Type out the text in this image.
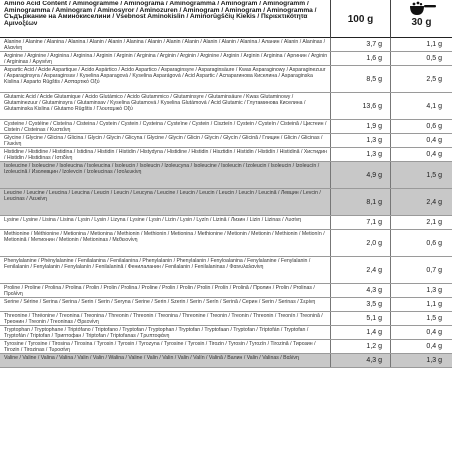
Amino Acid Content / Aminogramme / Aminograma / Aminogramma / Aminogram / Aminogramm / Aminogramma / Aminogram / Aminosyror / Aminozuren / Aminogram / Aminogram / Aminogramma / Съдържание на Аминокиселини / Vsebnost Aminokislin / Aminorūgščių Kiekis / Περιεκτικότητα Αμινοξέων	100 g	30 g
Alanine / Alanine / Alanina / Alanina / Alanin / Alanin / Alanina / Alanin / Alanin / Alanin / Alanin / Alanin / Alanina / Аланин / Alanin / Alaninas / Αλανίνη	3,7 g	1,1 g
Arginine / Arginine / Arginina / Arginina / Arginin / Arginin / Arginina / Arginin / Arginin / Arginine / Arginin / Arginin / Arginina / Аргинин / Arginin / Argininas / Αργινίνη	1,6 g	0,5 g
Aspartic Acid / Acide Aspartique / Ácido Aspártico / Acido Aspartico / Asparaginsyre / Asparaginsäure / Kwas Asparaginowy / Asparaginezuur / Asparaginsyra / Asparaginsav / Kyselina Asparagová / Kyselina Asparágová / Acid Aspartic / Аспарагинова Киселина / Asparaginska Kislina / Asparto Rūgštis / Ασπαρτικό Οξύ	8,5 g	2,5 g
Glutamic Acid / Acide Glutamique / Ácido Glutámico / Acido Glutammico / Glutaminsyre / Glutaminsäure / Kwas Glutaminowy / Glutaminezuur / Glutaminsyra / Glutaminsav / Kyselina Glutamová / Kyselina Glutámová / Acid Glutamic / Глутаминова Киселина / Glutaminska Kislina / Glutamo Rūgštis / Γλουταμικό Οξύ	13,6 g	4,1 g
Cysteine / Cystéine / Cisteína / Cisteina / Cystein / Cystein / Cysteina / Cysteïne / Cystein / Ciszteín / Cystein / Cysteín / Cisteină / Цистеин / Cistein / Cisteinas / Κυστεΐνη	1,9 g	0,6 g
Glycine / Glycine / Glicina / Glicina / Glycin / Glycin / Glicyna / Glycine / Glycin / Glicin / Glycin / Glycín / Glicină / Глицин / Glicin / Glicinas / Γλυκίνη	1,3 g	0,4 g
Histidine / Histidine / Histidina / Istidina / Histidin / Histidin / Histydyna / Histidine / Histidin / Hisztidin / Histidin / Histidín / Histidină / Хистидин / Histidin / Histidinas / Ιστιδίνη	1,3 g	0,4 g
Isoleucine / Isoleucine / Isoleucina / Isoleucina / Isoleucin / Isoleucin / Izoleucyna / Isoleucine / Isoleucin / Izoleucin / Isoleucin / Izoleucín / Izoleucină / Изолевцин / Izolevcin / Izoleucinas / Ισολευκίνη	4,9 g	1,5 g
Leucine / Leucine / Leucina / Leucina / Leucin / Leucin / Leucyna / Leucine / Leucin / Leucin / Leucin / Leucín / Leucină / Левцин / Levcin / Leucinas / Λευκίνη	8,1 g	2,4 g
Lysine / Lysine / Lisina / Lisina / Lysin / Lysin / Lizyna / Lysine / Lysin / Lizin / Lysin / Lyzín / Lizină / Лизин / Lizin / Lizinas / Λυσίνη	7,1 g	2,1 g
Methionine / Méthionine / Metionina / Metionina / Methionin / Methionin / Metionina / Methionine / Metionin / Metionin / Methionin / Metionín / Metionină / Метионин / Metionin / Metioninas / Μεθειονίνη	2,0 g	0,6 g
Phenylalanine / Phénylalanine / Fenilalanina / Fenilalanina / Phenylalanin / Phenylalanin / Fenyloalanina / Fenylalanine / Fenylalanin / Fenilalanin / Fenylalanin / Fenylalanín / Fenilalanină / Фенилаланин / Fenilalanin / Fenilalaninas / Φαινυλαλανίνη	2,4 g	0,7 g
Proline / Proline / Prolina / Prolina / Prolin / Prolin / Prolina / Proline / Prolin / Prolin / Prolin / Prolín / Prolină / Пролин / Prolin / Prolinas / Προλίνη	4,3 g	1,3 g
Serine / Sérine / Serina / Serina / Serin / Serin / Seryna / Serine / Serin / Szerin / Serin / Serín / Serină / Серин / Serin / Serinas / Σερίνη	3,5 g	1,1 g
Threonine / Thréonine / Treonina / Treonina / Threonin / Threonin / Treonina / Threonine / Treonin / Treonin / Threonin / Treonín / Treonină / Треонин / Treonin / Treoninas / Θρεονίνη	5,1 g	1,5 g
Tryptophan / Tryptophane / Triptófano / Triptofano / Tryptofan / Tryptophan / Tryptofan / Tryptofaan / Tryptofan / Triptofán / Tryptofan / Tryptofán / Triptofan / Триптофан / Triptofan / Triptofanas / Τρυπτοφάνη	1,4 g	0,4 g
Tyrosine / Tyrosine / Tirosina / Tirosina / Tyrosin / Tyrosin / Tyrozyna / Tyrosine / Tyrosin / Tirozin / Tyrosin / Tyrozín / Tirozină / Тирозин / Tirozin / Tirozinas / Τυροσίνη	1,2 g	0,4 g
Valine / Valine / Valina / Valina / Valin / Valin / Walina / Valine / Valin / Valin / Valin / Valín / Valină / Валин / Valin / Valinas / Βαλίνη	4,3 g	1,3 g
